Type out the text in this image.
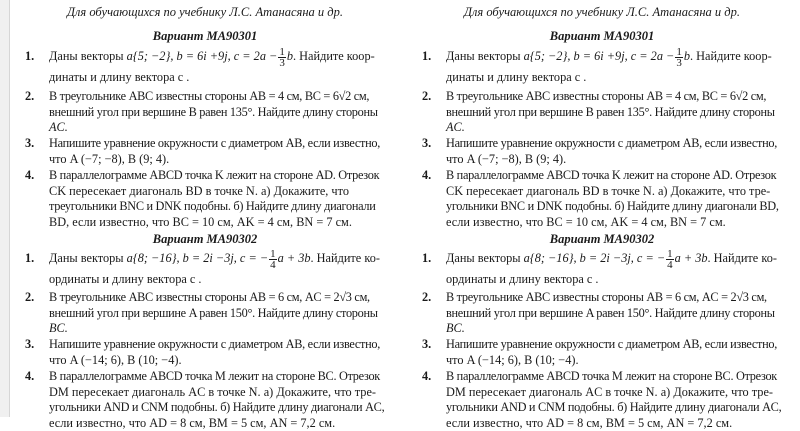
Для обучающихся по учебнику Л.С. Атанасяна и др.
Вариант МА90301
1.	Даны векторы a{5; −2}, b = 6i +9j, $c = 2a - \frac{1}{3} b$. Найдите коор-
динаты и длину вектора c .
2.	В треугольнике ABC известны стороны AB = 4 см, BC = 6√2 см,
внешний угол при вершине B равен 135°. Найдите длину стороны
AC.
3.	Напишите уравнение окружности с диаметром AB, если известно,
что A (−7; −8), B (9; 4).
4.	В параллелограмме ABCD точка K лежит на стороне AD. Отрезок
CK пересекает диагональ BD в точке N. а) Докажите, что
треугольники BNC и DNK подобны. б) Найдите длину диагонали
BD, если известно, что BC = 10 см, AK = 4 см, BN = 7 см.
Вариант МА90302
1.	Даны векторы a{8; −16}, b = 2i −3j, c = − $\frac{1}{4}$ a + 3b. Найдите ко-
ординаты и длину вектора c .
2.	В треугольнике ABC известны стороны AB = 6 см, AC = 2√3 см,
внешний угол при вершине A равен 150°. Найдите длину стороны
BC.
3.	Напишите уравнение окружности с диаметром AB, если известно,
что A (−14; 6), B (10; −4).
4.	В параллелограмме ABCD точка M лежит на стороне BC. Отрезок
DM пересекает диагональ AC в точке N. а) Докажите, что тре-
угольники AND и CNM подобны. б) Найдите длину диагонали AC,
если известно, что AD = 8 см, BM = 5 см, AN = 7,2 см.
Для обучающихся по учебнику Л.С. Атанасяна и др.
Вариант МА90301
1.	Даны векторы a{5; −2}, b = 6i +9j, $c = 2a - \frac{1}{3} b$. Найдите коор-
динаты и длину вектора c .
2.	В треугольнике ABC известны стороны AB = 4 см, BC = 6√2 см,
внешний угол при вершине B равен 135°. Найдите длину стороны
AC.
3.	Напишите уравнение окружности с диаметром AB, если известно,
что A (−7; −8), B (9; 4).
4.	В параллелограмме ABCD точка K лежит на стороне AD. Отрезок
CK пересекает диагональ BD в точке N. а) Докажите, что тре-
угольники BNC и DNK подобны. б) Найдите длину диагонали BD,
если известно, что BC = 10 см, AK = 4 см, BN = 7 см.
Вариант МА90302
1.	Даны векторы a{8; −16}, b = 2i −3j, c = − $\frac{1}{4}$ a + 3b. Найдите ко-
ординаты и длину вектора c .
2.	В треугольнике ABC известны стороны AB = 6 см, AC = 2√3 см,
внешний угол при вершине A равен 150°. Найдите длину стороны
BC.
3.	Напишите уравнение окружности с диаметром AB, если известно,
что A (−14; 6), B (10; −4).
4.	В параллелограмме ABCD точка M лежит на стороне BC. Отрезок
DM пересекает диагональ AC в точке N. а) Докажите, что тре-
угольники AND и CNM подобны. б) Найдите длину диагонали AC,
если известно, что AD = 8 см, BM = 5 см, AN = 7,2 см.
